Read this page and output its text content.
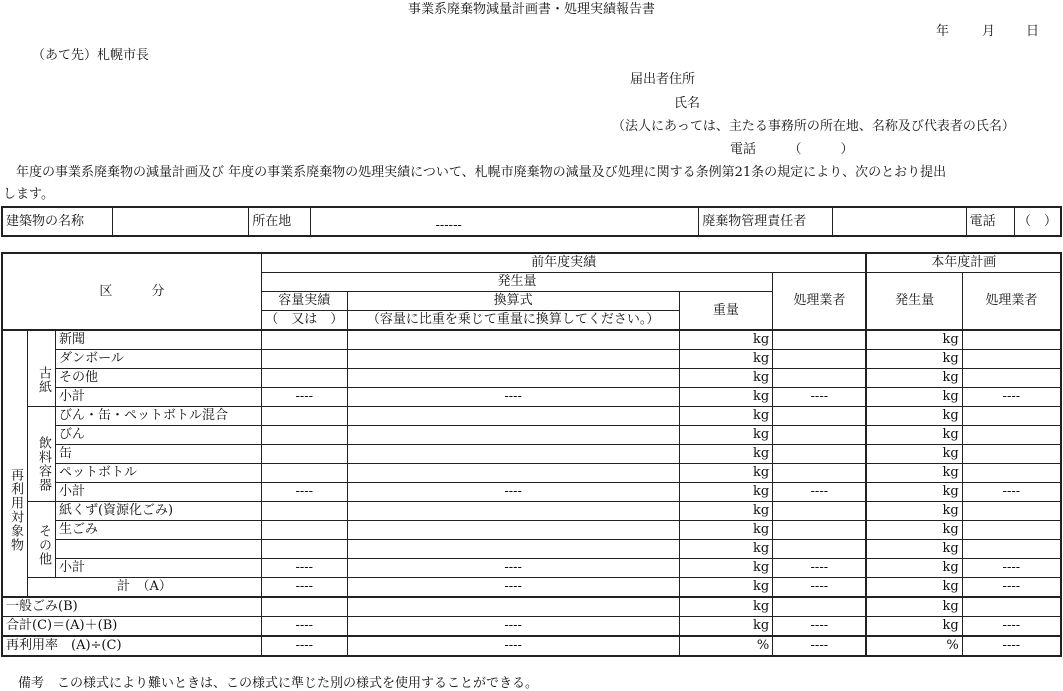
事業系廃棄物減量計画書・処理実績報告書
年	月 日
（あて先）札幌市長
届出者住所
氏名
（法人にあっては、主たる事務所の所在地、名称及び代表者の氏名）
電話　　　（　　　）
　年度の事業系廃棄物の減量計画及び 年度の事業系廃棄物の処理実績について、札幌市廃棄物の減量及び処理に関する条例第21条の規定により、次のとおり提出
します。
建築物の名称		所在地	------	廃棄物管理責任者		電話	（　）
区　　　分			前年度実績				本年度計画	
			発生量			処理業者	発生量	処理業者
			容量実績	換算式	重量			
			（　又は　）	（容量に比重を乗じて重量に換算してください。）				
再利用対象物	古紙	新聞			kg		kg	
		ダンボール			kg		kg	
		その他			kg		kg	
		小計	----	----	kg	----	kg	----
	飲料容器	びん・缶・ペットボトル混合			kg		kg	
		びん			kg		kg	
		缶			kg		kg	
		ペットボトル			kg		kg	
		小計	----	----	kg	----	kg	----
	その他	紙くず(資源化ごみ)			kg		kg	
		生ごみ			kg		kg	
					kg		kg	
		小計	----	----	kg	----	kg	----
	計　（A）		----	----	kg	----	kg	----
一般ごみ(B)					kg		kg	
合計(C)＝(A)＋(B)			----	----	kg	----	kg	----
再利用率　(A)÷(C)			----	----	%	----	%	----
備考　この様式により難いときは、この様式に準じた別の様式を使用することができる。
